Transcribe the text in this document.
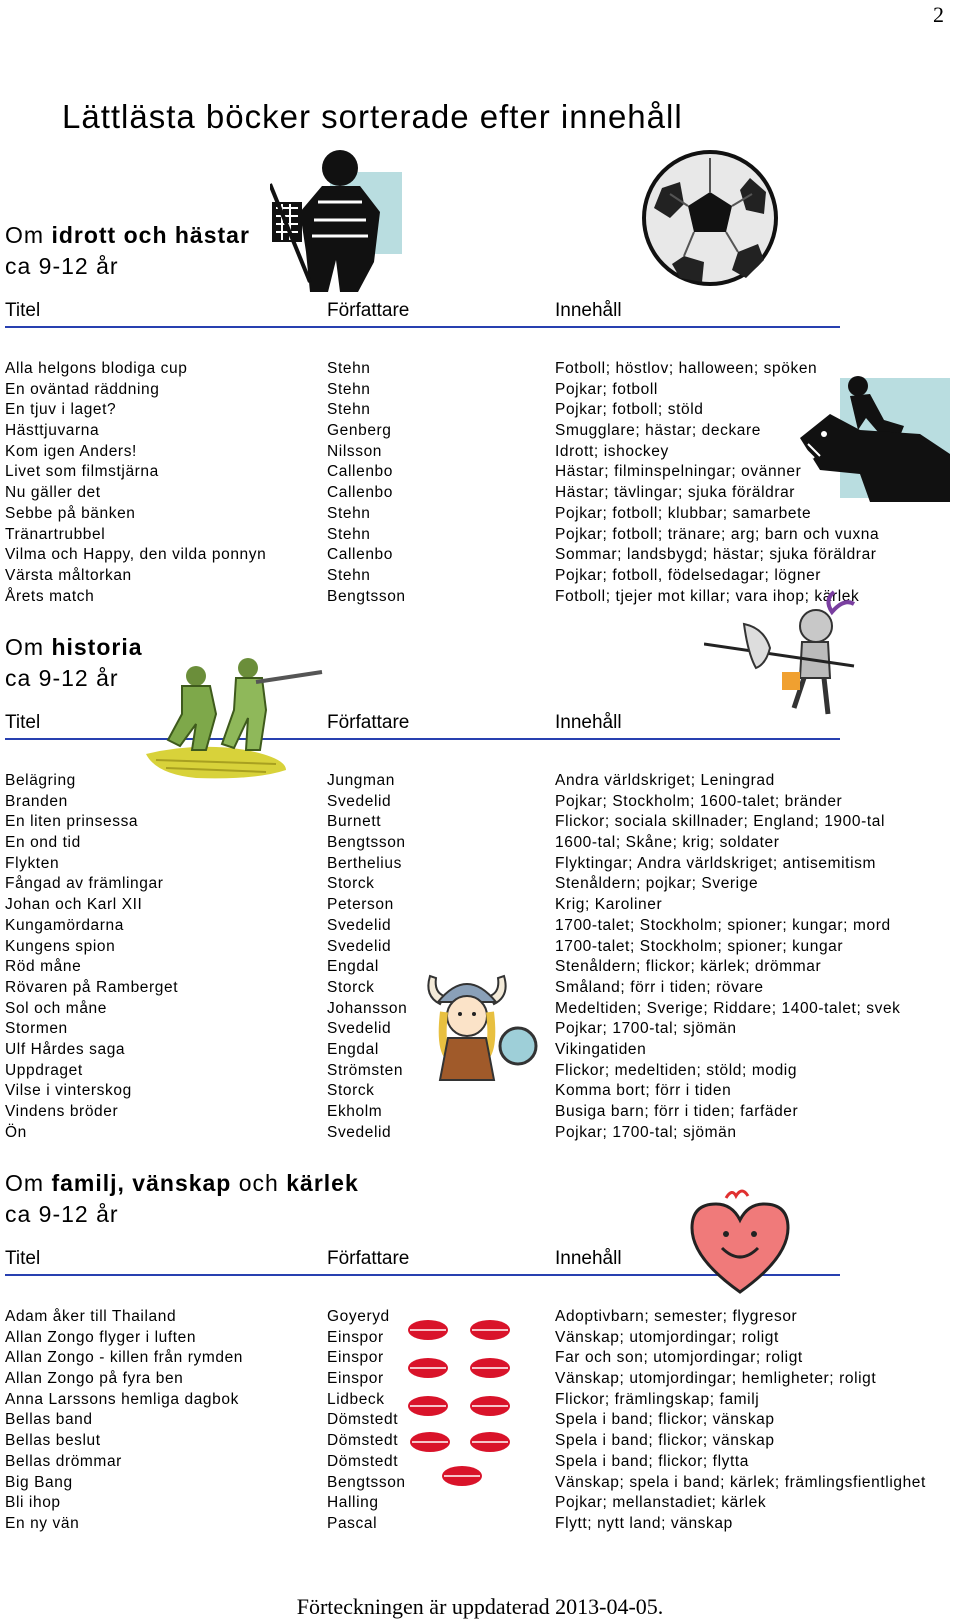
2
Lättlästa böcker sorterade efter innehåll
Om idrott och hästar
ca 9-12 år
Titel	Författare	Innehåll
Alla helgons blodiga cup	Stehn	Fotboll; höstlov; halloween; spöken
En oväntad räddning	Stehn	Pojkar; fotboll
En tjuv i laget?	Stehn	Pojkar; fotboll; stöld
Hästtjuvarna	Genberg	Smugglare; hästar; deckare
Kom igen Anders!	Nilsson	Idrott; ishockey
Livet som filmstjärna	Callenbo	Hästar; filminspelningar; ovänner
Nu gäller det	Callenbo	Hästar; tävlingar; sjuka föräldrar
Sebbe på bänken	Stehn	Pojkar; fotboll; klubbar; samarbete
Tränartrubbel	Stehn	Pojkar; fotboll; tränare; arg; barn och vuxna
Vilma och Happy, den vilda ponnyn	Callenbo	Sommar; landsbygd; hästar; sjuka föräldrar
Värsta måltorkan	Stehn	Pojkar; fotboll, födelsedagar; lögner
Årets match	Bengtsson	Fotboll; tjejer mot killar; vara ihop; kärlek
Om historia
ca 9-12 år
Titel	Författare	Innehåll
Belägring	Jungman	Andra världskriget; Leningrad
Branden	Svedelid	Pojkar; Stockholm; 1600-talet; bränder
En liten prinsessa	Burnett	Flickor; sociala skillnader; England; 1900-tal
En ond tid	Bengtsson	1600-tal; Skåne; krig; soldater
Flykten	Berthelius	Flyktingar; Andra världskriget; antisemitism
Fångad av främlingar	Storck	Stenåldern; pojkar; Sverige
Johan och Karl XII	Peterson	Krig; Karoliner
Kungamördarna	Svedelid	1700-talet; Stockholm; spioner; kungar; mord
Kungens spion	Svedelid	1700-talet; Stockholm; spioner; kungar
Röd måne	Engdal	Stenåldern; flickor; kärlek; drömmar
Rövaren på Ramberget	Storck	Småland; förr i tiden; rövare
Sol och måne	Johansson	Medeltiden; Sverige; Riddare; 1400-talet; svek
Stormen	Svedelid	Pojkar; 1700-tal; sjömän
Ulf Hårdes saga	Engdal	Vikingatiden
Uppdraget	Strömsten	Flickor; medeltiden; stöld; modig
Vilse i vinterskog	Storck	Komma bort; förr i tiden
Vindens bröder	Ekholm	Busiga barn; förr i tiden; farfäder
Ön	Svedelid	Pojkar; 1700-tal; sjömän
Om familj, vänskap och kärlek
ca 9-12 år
Titel	Författare	Innehåll
Adam åker till Thailand	Goyeryd	Adoptivbarn; semester; flygresor
Allan Zongo flyger i luften	Einspor	Vänskap; utomjordingar; roligt
Allan Zongo - killen från rymden	Einspor	Far och son; utomjordingar; roligt
Allan Zongo på fyra ben	Einspor	Vänskap; utomjordingar; hemligheter; roligt
Anna Larssons hemliga dagbok	Lidbeck	Flickor; främlingskap; familj
Bellas band	Dömstedt	Spela i band; flickor; vänskap
Bellas beslut	Dömstedt	Spela i band; flickor; vänskap
Bellas drömmar	Dömstedt	Spela i band; flickor; flytta
Big Bang	Bengtsson	Vänskap; spela i band; kärlek; främlingsfientlighet
Bli ihop	Halling	Pojkar; mellanstadiet; kärlek
En ny vän	Pascal	Flytt; nytt land; vänskap
Förteckningen är uppdaterad 2013-04-05.
